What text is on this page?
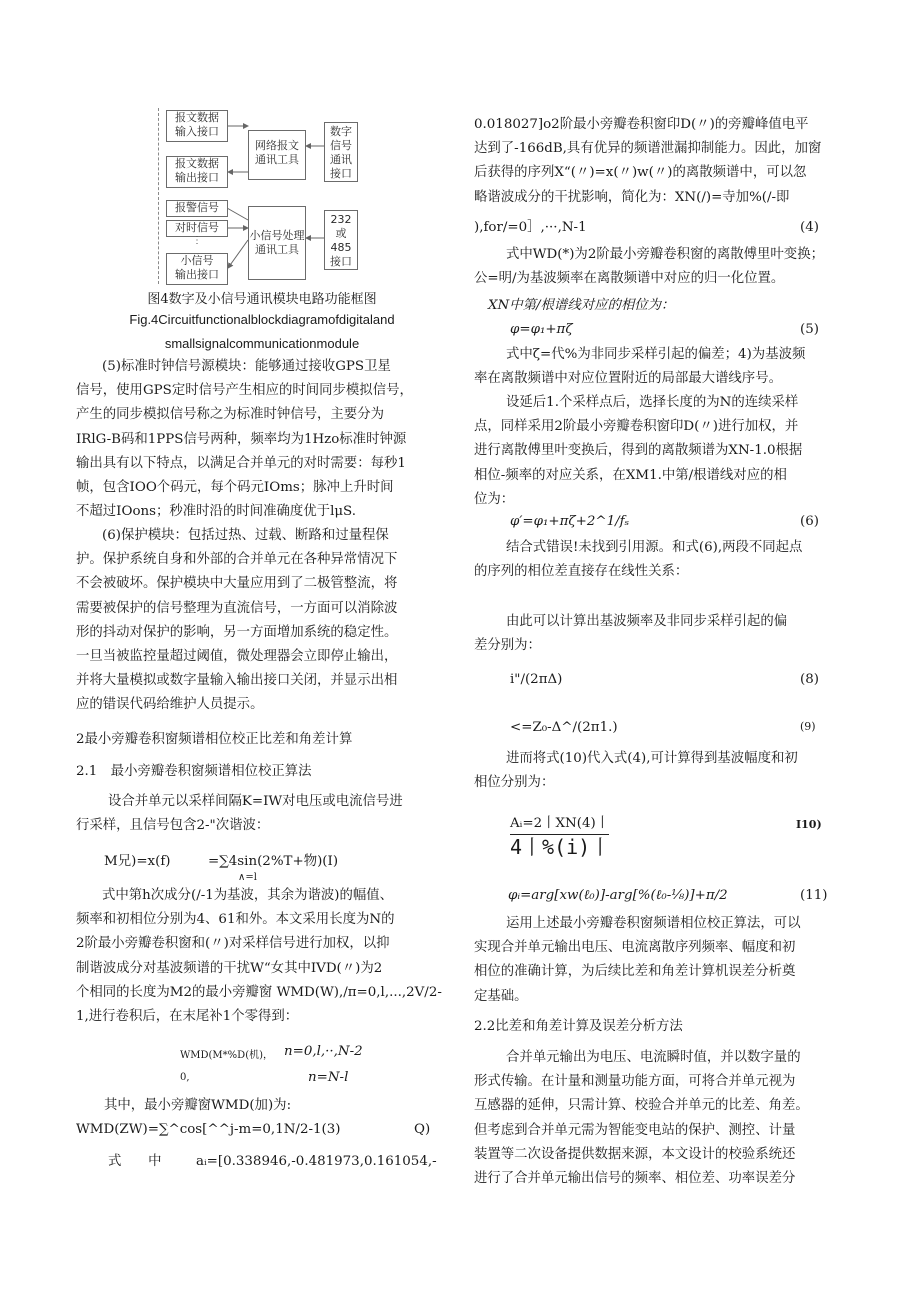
报文数据
输入接口
报文数据
输出接口
网络报文
通讯工具
数字
信号
通讯
接口
报警信号
对时信号
⋮
小信号
输出接口
小信号处理
通讯工具
232
或
485
接口
图4数字及小信号通讯模块电路功能框图
Fig.4Circuitfunctionalblockdiagramofdigitaland
smallsignalcommunicationmodule
(5)标准时钟信号源模块：能够通过接收GPS卫星
信号，使用GPS定时信号产生相应的时间同步模拟信号，
产生的同步模拟信号称之为标准时钟信号，主要分为
IRlG-B码和1PPS信号两种，频率均为1Hzo标准时钟源
输出具有以下特点，以满足合并单元的对时需要：每秒1
帧，包含IOO个码元，每个码元IOms；脉冲上升时间
不超过IOons；秒准时沿的时间准确度优于lμS.
(6)保护模块：包括过热、过载、断路和过量程保
护。保护系统自身和外部的合并单元在各种异常情况下
不会被破坏。保护模块中大量应用到了二极管整流，将
需要被保护的信号整理为直流信号，一方面可以消除波
形的抖动对保护的影响，另一方面增加系统的稳定性。
一旦当被监控量超过阈值，微处理器会立即停止输出，
并将大量模拟或数字量输入输出接口关闭，并显示出相
应的错误代码给维护人员提示。
2最小旁瓣卷积窗频谱相位校正比差和角差计算
2.1　最小旁瓣卷积窗频谱相位校正算法
设合并单元以采样间隔K=IW对电压或电流信号进
行采样，且信号包含2-"次谐波：
M兄)=x(f)	=∑4sin(2%T+物)(I)
∧=l
式中第h次成分(/-1为基波，其余为谐波)的幅值、
频率和初相位分别为4、61和外。本文采用长度为N的
2阶最小旁瓣卷积窗和(〃)对采样信号进行加权，以抑
制谐波成分对基波频谱的干扰W“女其中IVD(〃)为2
个相同的长度为M2的最小旁瓣窗 WMD(W),/π=0,l,...,2V/2-
1,进行卷积后，在末尾补1个零得到：
WMD(M*%D(机)， n=0,l,··,N-2
0,	n=N-l
其中，最小旁瓣窗WMD(加)为:
WMD(ZW)=∑^cos[^^j-m=0,1N/2-1(3)	Q)
式　　中	aᵢ=[0.338946,-0.481973,0.161054,-
0.018027]o2阶最小旁瓣卷积窗印D(〃)的旁瓣峰值电平
达到了-166dB,具有优异的频谱泄漏抑制能力。因此，加窗
后获得的序列X“(〃)=x(〃)w(〃)的离散频谱中，可以忽
略谐波成分的干扰影响，简化为：XN(/)=寺加%(/-即
),for/=0］,···,N-1	(4)
式中WD(*)为2阶最小旁瓣卷积窗的离散傅里叶变换；
公=明/为基波频率在离散频谱中对应的归一化位置。
XN中第/根谱线对应的相位为：
φ=φ₁+πζ	(5)
式中ζ=代%为非同步采样引起的偏差；4)为基波频
率在离散频谱中对应位置附近的局部最大谱线序号。
设延后1.个采样点后，选择长度的为N的连续采样
点，同样采用2阶最小旁瓣卷积窗印D(〃)进行加权，并
进行离散傅里叶变换后，得到的离散频谱为XN-1.0根据
相位-频率的对应关系，在XM1.中第/根谱线对应的相
位为：
φ′=φ₁+πζ+2^1/fₛ	(6)
结合式错误!未找到引用源。和式(6),两段不同起点
的序列的相位差直接存在线性关系：
由此可以计算出基波频率及非同步采样引起的偏
差分别为：
i"/(2πΔ)	(8)
<=Z₀-Δ^/(2π1.)	(9)
进而将式(10)代入式(4),可计算得到基波幅度和初
相位分别为：
Aᵢ=2丨XN(4)丨	I10)
4丨%(i)丨
φᵢ=arg[xw(ℓ₀)]-arg[%(ℓ₀-⅛)]+π/2	(11)
运用上述最小旁瓣卷积窗频谱相位校正算法，可以
实现合并单元输出电压、电流离散序列频率、幅度和初
相位的准确计算，为后续比差和角差计算机误差分析奠
定基础。
2.2比差和角差计算及误差分析方法
合并单元输出为电压、电流瞬时值，并以数字量的
形式传输。在计量和测量功能方面，可将合并单元视为
互感器的延伸，只需计算、校验合并单元的比差、角差。
但考虑到合并单元需为智能变电站的保护、测控、计量
装置等二次设备提供数据来源，本文设计的校验系统还
进行了合并单元输出信号的频率、相位差、功率误差分
